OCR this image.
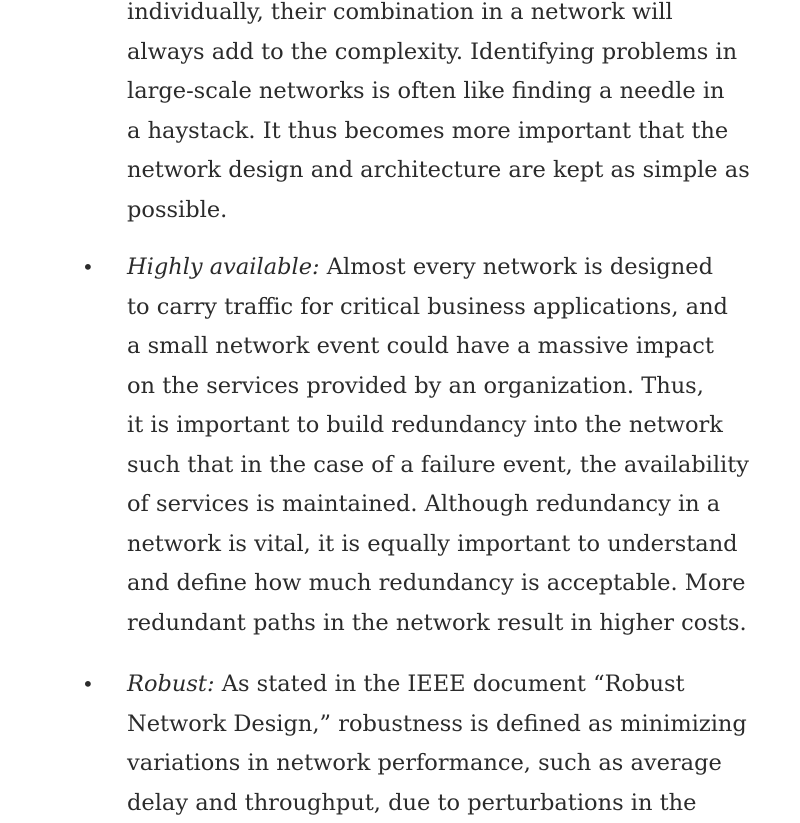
individually, their combination in a network will
always add to the complexity. Identifying problems in
large-scale networks is often like finding a needle in
a haystack. It thus becomes more important that the
network design and architecture are kept as simple as
possible.
• Highly available: Almost every network is designed
to carry traffic for critical business applications, and
a small network event could have a massive impact
on the services provided by an organization. Thus,
it is important to build redundancy into the network
such that in the case of a failure event, the availability
of services is maintained. Although redundancy in a
network is vital, it is equally important to understand
and define how much redundancy is acceptable. More
redundant paths in the network result in higher costs.
• Robust: As stated in the IEEE document “Robust
Network Design,” robustness is defined as minimizing
variations in network performance, such as average
delay and throughput, due to perturbations in the
